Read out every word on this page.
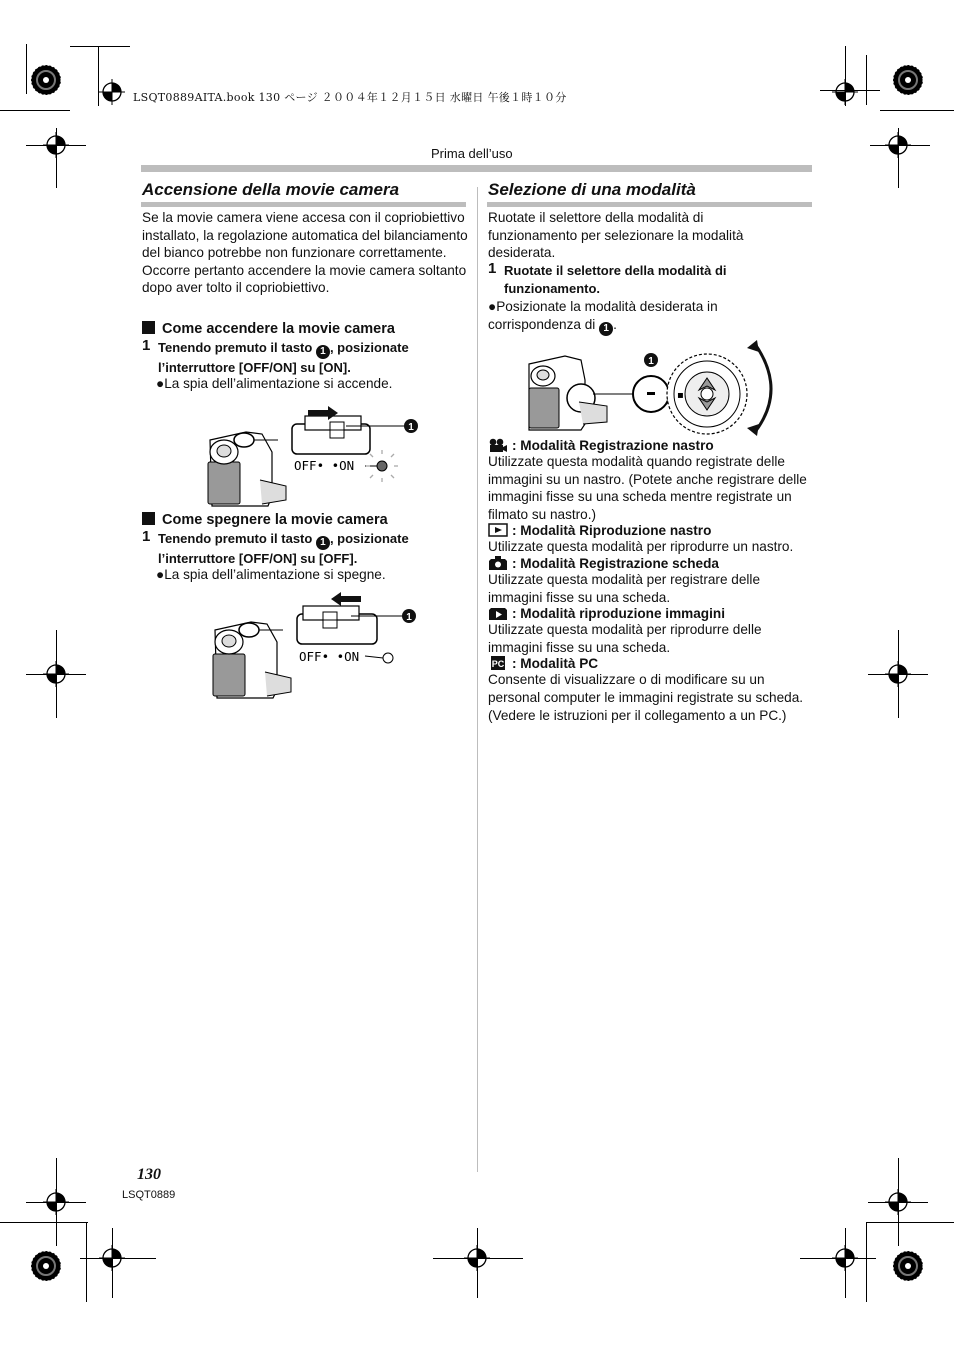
LSQT0889AITA.book 130 ページ ２００４年１２月１５日 水曜日 午後１時１０分
Prima dell’uso
Accensione della movie camera
Se la movie camera viene accesa con il copriobiettivo installato, la regolazione automatica del bilanciamento del bianco potrebbe non funzionare correttamente. Occorre pertanto accendere la movie camera soltanto dopo aver tolto il copriobiettivo.
Come accendere la movie camera
1 Tenendo premuto il tasto 1 , posizionate l’interruttore [OFF/ON] su [ON].
●La spia dell’alimentazione si accende.
1
OFF• •ON
Come spegnere la movie camera
1 Tenendo premuto il tasto 1 , posizionate l’interruttore [OFF/ON] su [OFF].
●La spia dell’alimentazione si spegne.
1
OFF• •ON
Selezione di una modalità
Ruotate il selettore della modalità di funzionamento per selezionare la modalità desiderata.
1 Ruotate il selettore della modalità di funzionamento.
●Posizionate la modalità desiderata in corrispondenza di 1 .
1
▪
: Modalità Registrazione nastro
Utilizzate questa modalità quando registrate delle immagini su un nastro. (Potete anche registrare delle immagini fisse su una scheda mentre registrate un filmato su nastro.)
: Modalità Riproduzione nastro
Utilizzate questa modalità per riprodurre un nastro.
: Modalità Registrazione scheda
Utilizzate questa modalità per registrare delle immagini fisse su una scheda.
: Modalità riproduzione immagini
Utilizzate questa modalità per riprodurre delle immagini fisse su una scheda.
PC : Modalità PC
Consente di visualizzare o di modificare su un personal computer le immagini registrate su scheda.
(Vedere le istruzioni per il collegamento a un PC.)
130
LSQT0889
